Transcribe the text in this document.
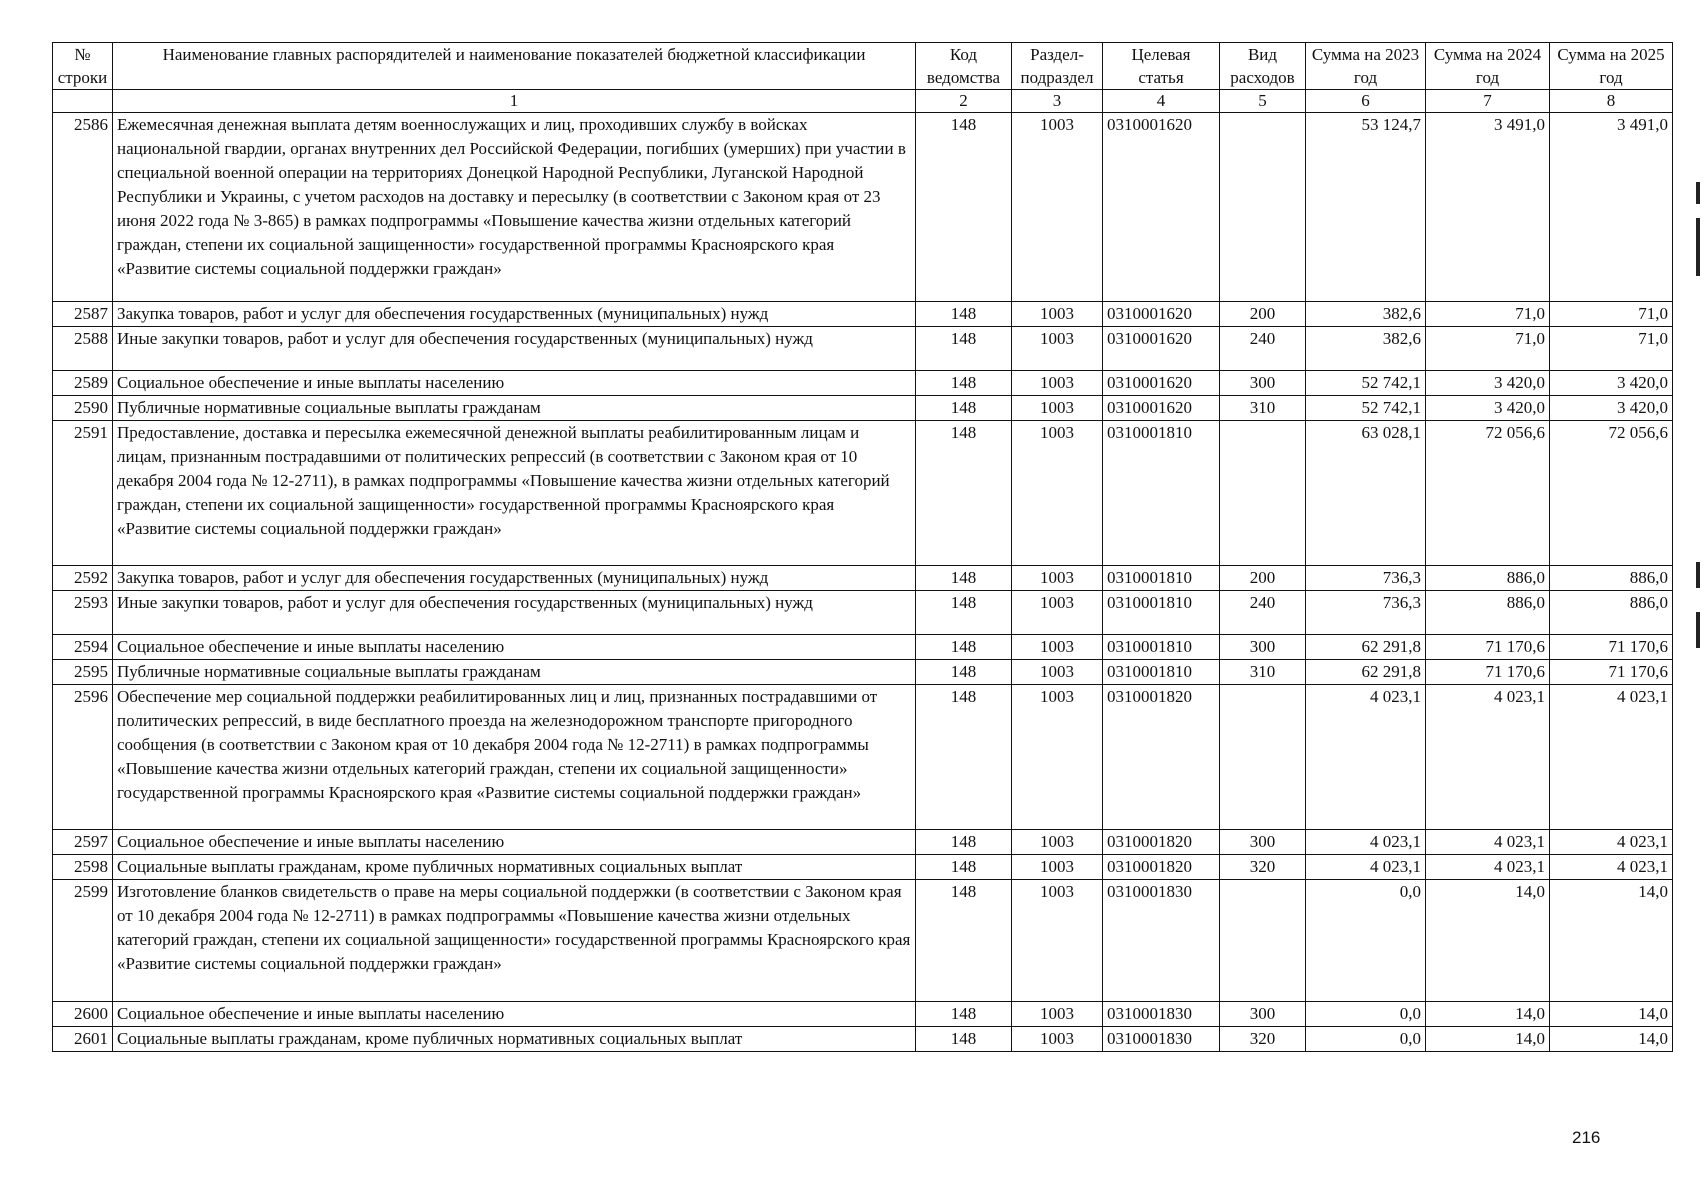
№ строки	Наименование главных распорядителей и наименование показателей бюджетной классификации	Код ведомства	Раздел-подраздел	Целевая статья	Вид расходов	Сумма на 2023 год	Сумма на 2024 год	Сумма на 2025 год
	1	2	3	4	5	6	7	8
2586	Ежемесячная денежная выплата детям военнослужащих и лиц, проходивших службу в войсках национальной гвардии, органах внутренних дел Российской Федерации, погибших (умерших) при участии в специальной военной операции на территориях Донецкой Народной Республики, Луганской Народной Республики и Украины, с учетом расходов на доставку и пересылку (в соответствии с Законом края от 23 июня 2022 года № 3-865) в рамках подпрограммы «Повышение качества жизни отдельных категорий граждан, степени их социальной защищенности» государственной программы Красноярского края «Развитие системы социальной поддержки граждан»	148	1003	0310001620		53 124,7	3 491,0	3 491,0
2587	Закупка товаров, работ и услуг для обеспечения государственных (муниципальных) нужд	148	1003	0310001620	200	382,6	71,0	71,0
2588	Иные закупки товаров, работ и услуг для обеспечения государственных (муниципальных) нужд	148	1003	0310001620	240	382,6	71,0	71,0
2589	Социальное обеспечение и иные выплаты населению	148	1003	0310001620	300	52 742,1	3 420,0	3 420,0
2590	Публичные нормативные социальные выплаты гражданам	148	1003	0310001620	310	52 742,1	3 420,0	3 420,0
2591	Предоставление, доставка и пересылка ежемесячной денежной выплаты реабилитированным лицам и лицам, признанным пострадавшими от политических репрессий (в соответствии с Законом края от 10 декабря 2004 года № 12-2711), в рамках подпрограммы «Повышение качества жизни отдельных категорий граждан, степени их социальной защищенности» государственной программы Красноярского края «Развитие системы социальной поддержки граждан»	148	1003	0310001810		63 028,1	72 056,6	72 056,6
2592	Закупка товаров, работ и услуг для обеспечения государственных (муниципальных) нужд	148	1003	0310001810	200	736,3	886,0	886,0
2593	Иные закупки товаров, работ и услуг для обеспечения государственных (муниципальных) нужд	148	1003	0310001810	240	736,3	886,0	886,0
2594	Социальное обеспечение и иные выплаты населению	148	1003	0310001810	300	62 291,8	71 170,6	71 170,6
2595	Публичные нормативные социальные выплаты гражданам	148	1003	0310001810	310	62 291,8	71 170,6	71 170,6
2596	Обеспечение мер социальной поддержки реабилитированных лиц и лиц, признанных пострадавшими от политических репрессий, в виде бесплатного проезда на железнодорожном транспорте пригородного сообщения (в соответствии с Законом края от 10 декабря 2004 года № 12-2711) в рамках подпрограммы «Повышение качества жизни отдельных категорий граждан, степени их социальной защищенности» государственной программы Красноярского края «Развитие системы социальной поддержки граждан»	148	1003	0310001820		4 023,1	4 023,1	4 023,1
2597	Социальное обеспечение и иные выплаты населению	148	1003	0310001820	300	4 023,1	4 023,1	4 023,1
2598	Социальные выплаты гражданам, кроме публичных нормативных социальных выплат	148	1003	0310001820	320	4 023,1	4 023,1	4 023,1
2599	Изготовление бланков свидетельств о праве на меры социальной поддержки (в соответствии с Законом края от 10 декабря 2004 года № 12-2711) в рамках подпрограммы «Повышение качества жизни отдельных категорий граждан, степени их социальной защищенности» государственной программы Красноярского края «Развитие системы социальной поддержки граждан»	148	1003	0310001830		0,0	14,0	14,0
2600	Социальное обеспечение и иные выплаты населению	148	1003	0310001830	300	0,0	14,0	14,0
2601	Социальные выплаты гражданам, кроме публичных нормативных социальных выплат	148	1003	0310001830	320	0,0	14,0	14,0
216
